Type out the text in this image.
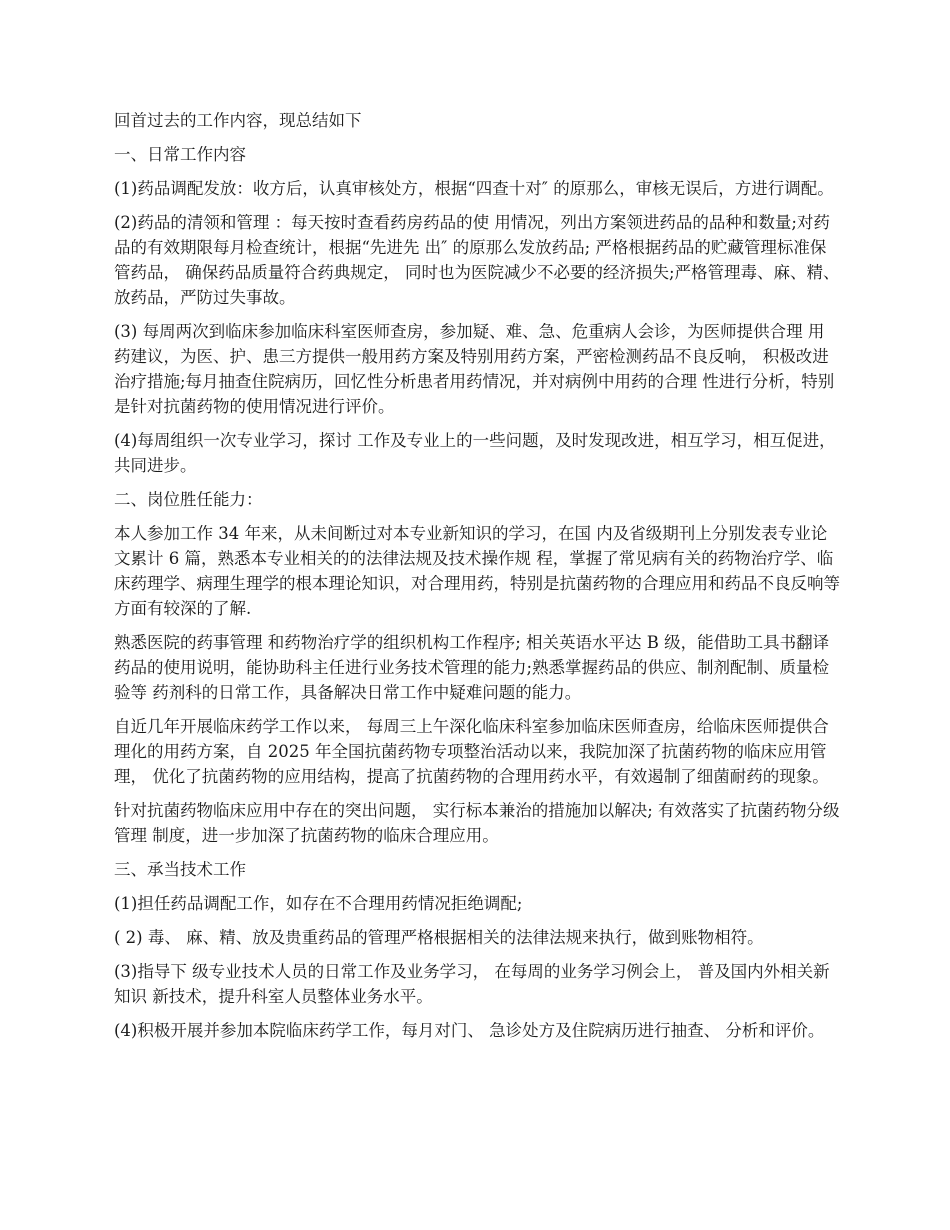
回首过去的工作内容，现总结如下

一、日常工作内容

(1)药品调配发放：收方后，认真审核处方，根据“四查十对″ 的原那么，审核无误后，方进行调配。

(2)药品的清领和管理 ：每天按时查看药房药品的使 用情况，列出方案领进药品的品种和数量;对药品的有效期限每月检查统计，根据“先进先 出″ 的原那么发放药品; 严格根据药品的贮藏管理标准保管药品， 确保药品质量符合药典规定， 同时也为医院减少不必要的经济损失;严格管理毒、麻、精、放药品，严防过失事故。

(3) 每周两次到临床参加临床科室医师查房，参加疑、难、急、危重病人会诊，为医师提供合理 用药建议，为医、护、患三方提供一般用药方案及特别用药方案，严密检测药品不良反响， 积极改进治疗措施;每月抽查住院病历，回忆性分析患者用药情况，并对病例中用药的合理 性进行分析，特别是针对抗菌药物的使用情况进行评价。

(4)每周组织一次专业学习，探讨 工作及专业上的一些问题，及时发现改进，相互学习，相互促进，共同进步。

二、岗位胜任能力：

本人参加工作 34 年来，从未间断过对本专业新知识的学习，在国 内及省级期刊上分别发表专业论文累计 6 篇，熟悉本专业相关的的法律法规及技术操作规 程，掌握了常见病有关的药物治疗学、临床药理学、病理生理学的根本理论知识，对合理用药，特别是抗菌药物的合理应用和药品不良反响等方面有较深的了解.

熟悉医院的药事管理 和药物治疗学的组织机构工作程序; 相关英语水平达 B 级，能借助工具书翻译药品的使用说明，能协助科主任进行业务技术管理的能力;熟悉掌握药品的供应、制剂配制、质量检验等 药剂科的日常工作，具备解决日常工作中疑难问题的能力。

自近几年开展临床药学工作以来， 每周三上午深化临床科室参加临床医师查房，给临床医师提供合理化的用药方案，自 2025 年全国抗菌药物专项整治活动以来，我院加深了抗菌药物的临床应用管理， 优化了抗菌药物的应用结构，提高了抗菌药物的合理用药水平，有效遏制了细菌耐药的现象。

针对抗菌药物临床应用中存在的突出问题， 实行标本兼治的措施加以解决; 有效落实了抗菌药物分级管理 制度，进一步加深了抗菌药物的临床合理应用。

三、承当技术工作

(1)担任药品调配工作，如存在不合理用药情况拒绝调配;

( 2) 毒、 麻、精、放及贵重药品的管理严格根据相关的法律法规来执行，做到账物相符。

(3)指导下 级专业技术人员的日常工作及业务学习， 在每周的业务学习例会上， 普及国内外相关新知识 新技术，提升科室人员整体业务水平。

(4)积极开展并参加本院临床药学工作，每月对门、 急诊处方及住院病历进行抽查、 分析和评价。
